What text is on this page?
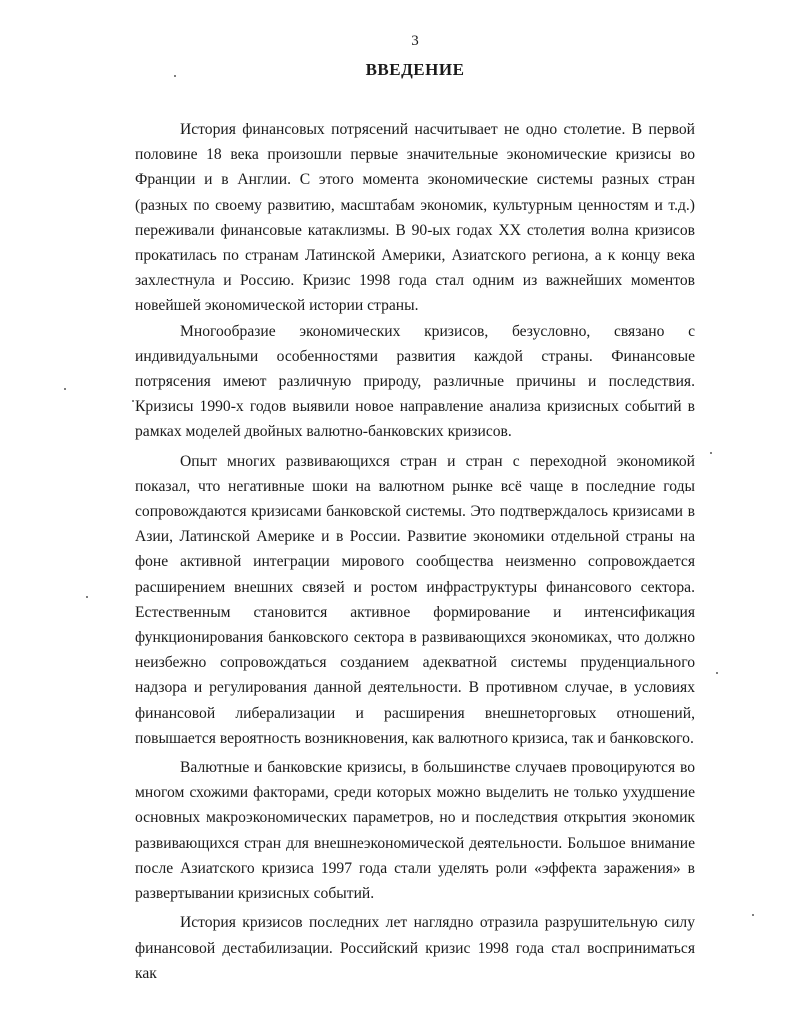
3
ВВЕДЕНИЕ

История финансовых потрясений насчитывает не одно столетие. В первой половине 18 века произошли первые значительные экономические кризисы во Франции и в Англии. С этого момента экономические системы разных стран (разных по своему развитию, масштабам экономик, культурным ценностям и т.д.) переживали финансовые катаклизмы. В 90-ых годах XX столетия волна кризисов прокатилась по странам Латинской Америки, Азиатского региона, а к концу века захлестнула и Россию. Кризис 1998 года стал одним из важнейших моментов новейшей экономической истории страны.

Многообразие экономических кризисов, безусловно, связано с индивидуальными особенностями развития каждой страны. Финансовые потрясения имеют различную природу, различные причины и последствия. Кризисы 1990-х годов выявили новое направление анализа кризисных событий в рамках моделей двойных валютно-банковских кризисов.

Опыт многих развивающихся стран и стран с переходной экономикой показал, что негативные шоки на валютном рынке всё чаще в последние годы сопровождаются кризисами банковской системы. Это подтверждалось кризисами в Азии, Латинской Америке и в России. Развитие экономики отдельной страны на фоне активной интеграции мирового сообщества неизменно сопровождается расширением внешних связей и ростом инфраструктуры финансового сектора. Естественным становится активное формирование и интенсификация функционирования банковского сектора в развивающихся экономиках, что должно неизбежно сопровождаться созданием адекватной системы пруденциального надзора и регулирования данной деятельности. В противном случае, в условиях финансовой либерализации и расширения внешнеторговых отношений, повышается вероятность возникновения, как валютного кризиса, так и банковского.

Валютные и банковские кризисы, в большинстве случаев провоцируются во многом схожими факторами, среди которых можно выделить не только ухудшение основных макроэкономических параметров, но и последствия открытия экономик развивающихся стран для внешнеэкономической деятельности. Большое внимание после Азиатского кризиса 1997 года стали уделять роли «эффекта заражения» в развертывании кризисных событий.

История кризисов последних лет наглядно отразила разрушительную силу финансовой дестабилизации. Российский кризис 1998 года стал восприниматься как
